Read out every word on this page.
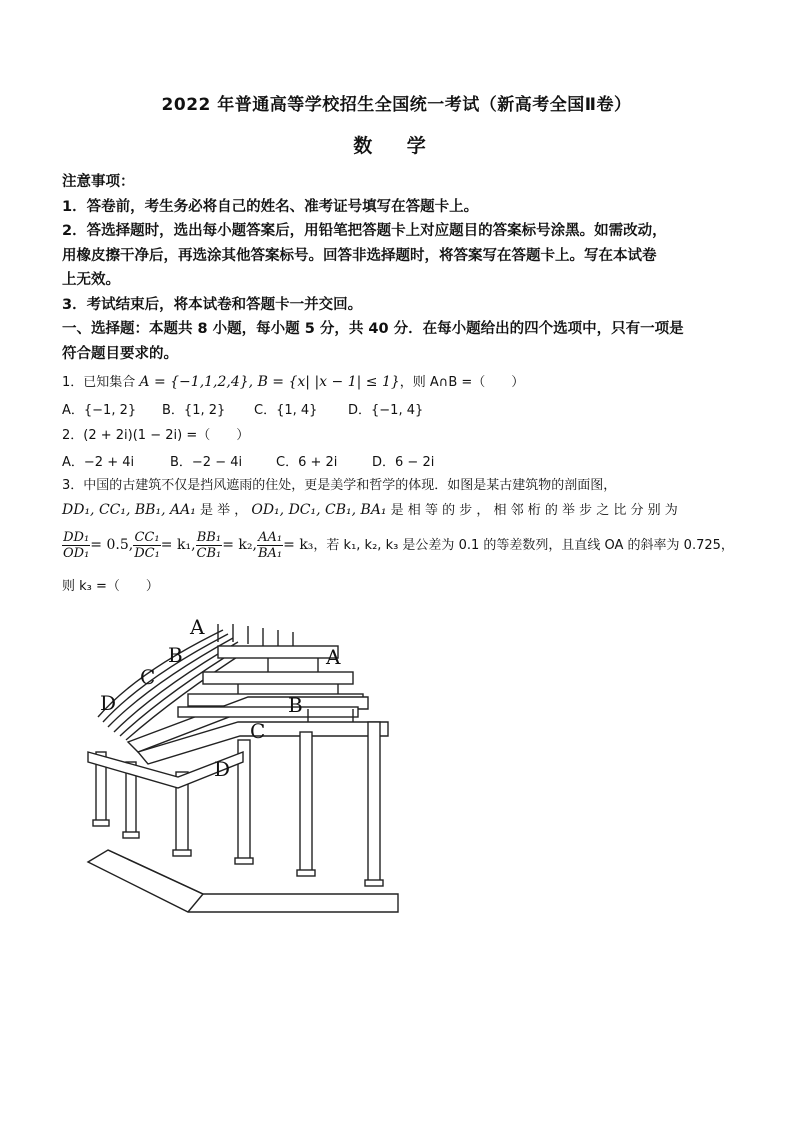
2022 年普通高等学校招生全国统一考试（新高考全国Ⅱ卷）
数 学
注意事项：
1．答卷前，考生务必将自己的姓名、准考证号填写在答题卡上。
2．答选择题时，选出每小题答案后，用铅笔把答题卡上对应题目的答案标号涂黑。如需改动，
用橡皮擦干净后，再选涂其他答案标号。回答非选择题时，将答案写在答题卡上。写在本试卷
上无效。
3．考试结束后，将本试卷和答题卡一并交回。
一、选择题：本题共 8 小题，每小题 5 分，共 40 分．在每小题给出的四个选项中，只有一项是
符合题目要求的。
1．已知集合 A = {−1,1,2,4}, B = {x| |x − 1| ≤ 1}，则 A∩B =（　　）
A．{−1, 2} B．{1, 2} C．{1, 4} D．{−1, 4}
2．(2 + 2i)(1 − 2i) =（　　）
A．−2 + 4i	B．−2 − 4i	C．6 + 2i	D．6 − 2i
3．中国的古建筑不仅是挡风遮雨的住处，更是美学和哲学的体现．如图是某古建筑物的剖面图，
DD₁, CC₁, BB₁, AA₁ 是 举 ， OD₁, DC₁, CB₁, BA₁ 是 相 等 的 步 ， 相 邻 桁 的 举 步 之 比 分 别 为
$\frac{\text{DD₁}}{\text{OD₁}} = 0.5$, $\frac{\text{CC₁}}{\text{DC₁}} = k_1$, $\frac{\text{BB₁}}{\text{CB₁}} = k_2$, $\frac{\text{AA₁}}{\text{BA₁}} = k_3$，若 k₁, k₂, k₃ 是公差为 0.1 的等差数列，且直线 OA 的斜率为 0.725，
则 k₃ =（　　）
A
B
C
D
A
B
C
D
